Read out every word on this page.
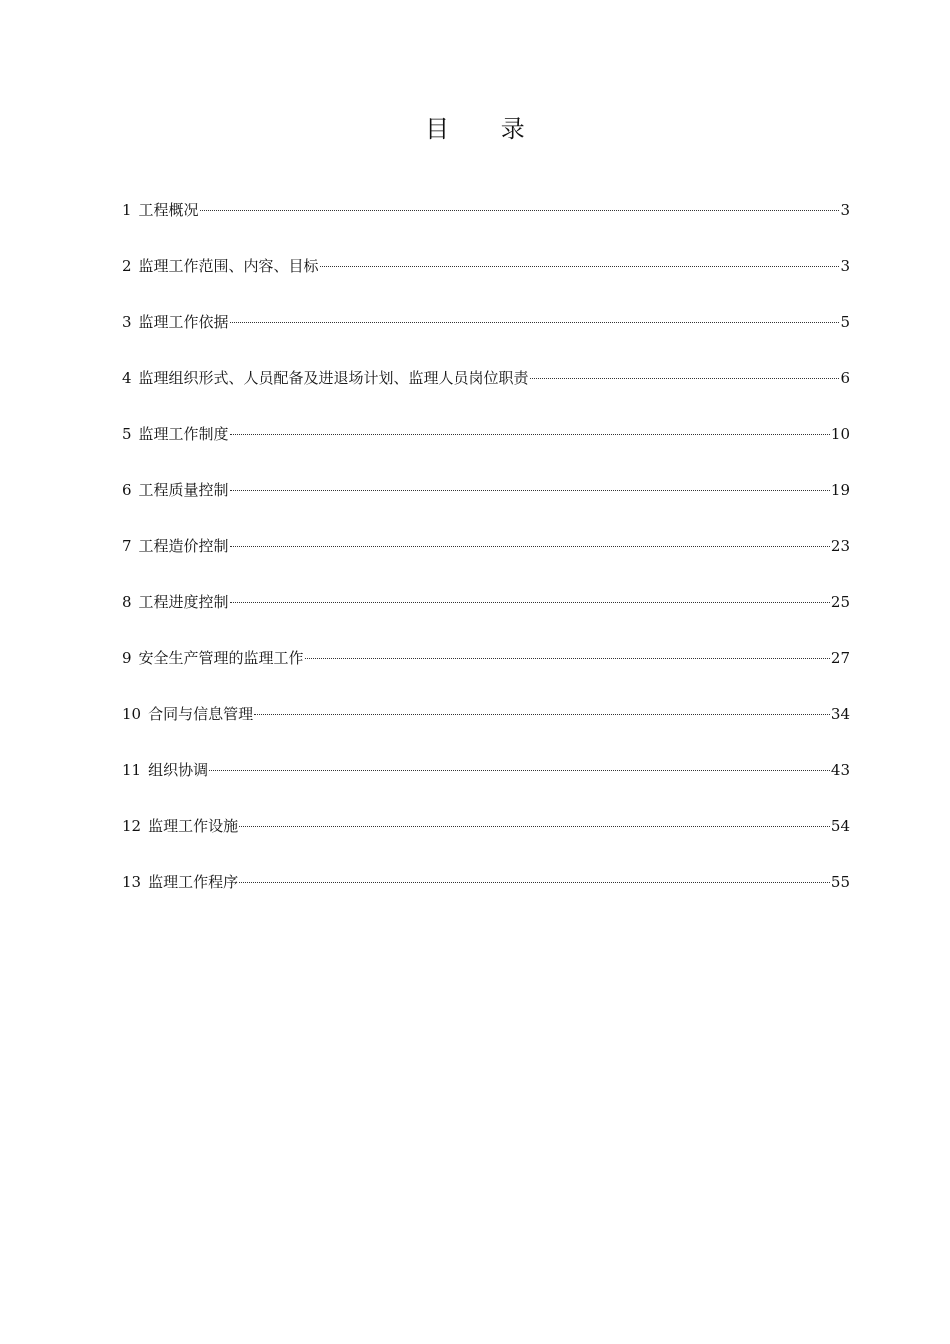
目 录
1 工程概况	3
2 监理工作范围、内容、目标	3
3 监理工作依据	5
4 监理组织形式、人员配备及进退场计划、监理人员岗位职责	6
5 监理工作制度	10
6 工程质量控制	19
7 工程造价控制	23
8 工程进度控制	25
9 安全生产管理的监理工作	27
10 合同与信息管理	34
11 组织协调	43
12 监理工作设施	54
13 监理工作程序	55
